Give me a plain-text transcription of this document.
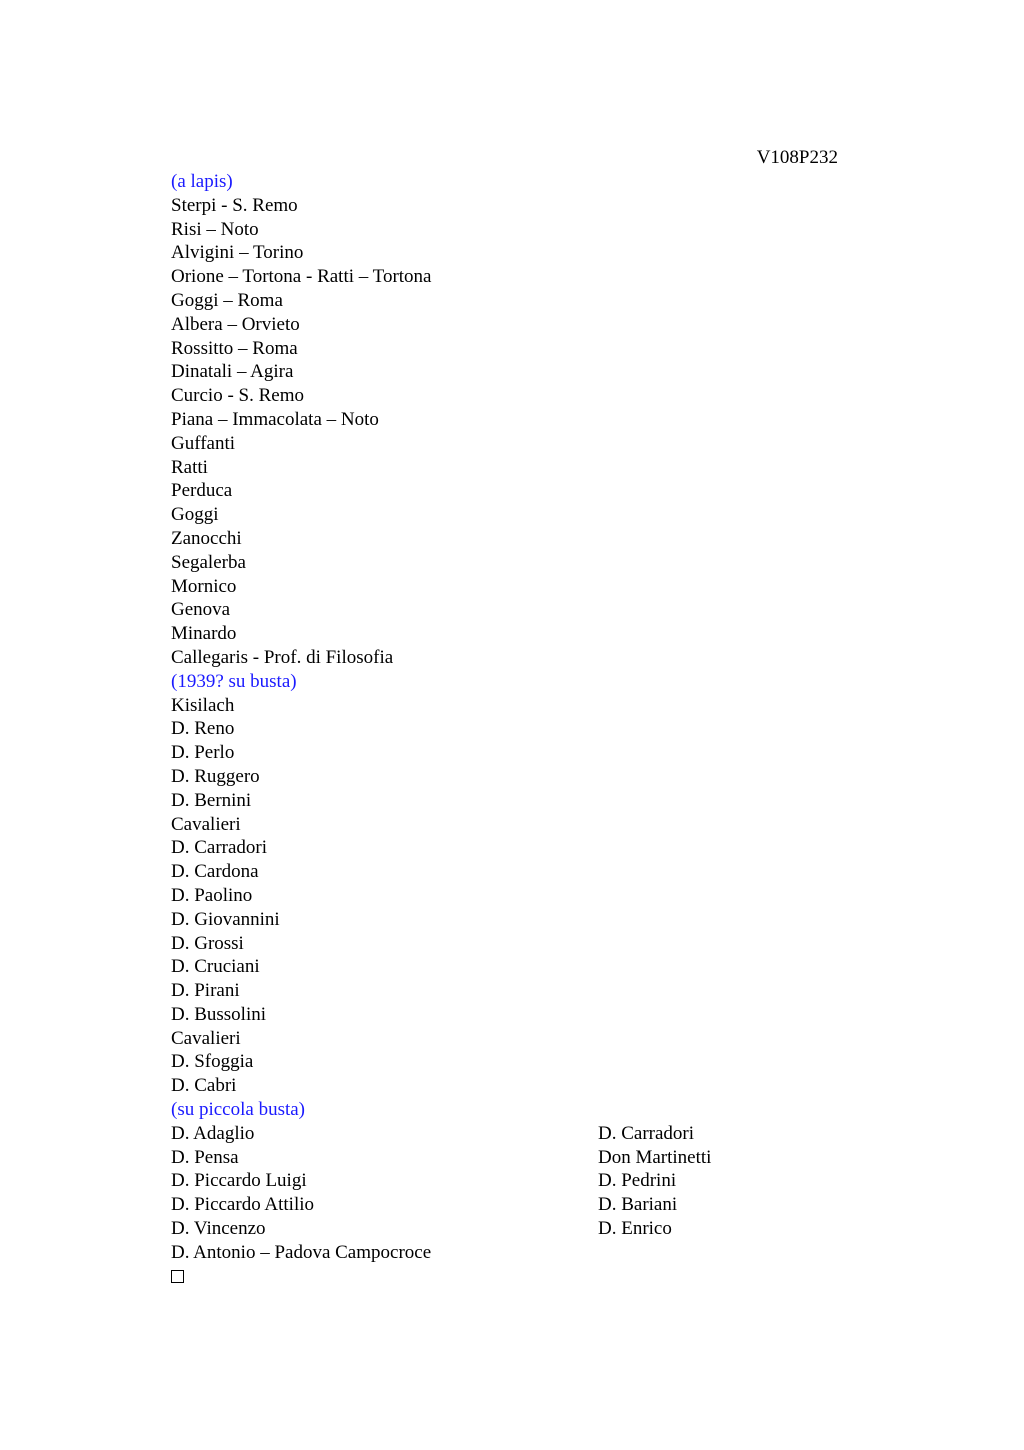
V108P232
(a lapis)
Sterpi - S. Remo
Risi – Noto
Alvigini – Torino
Orione – Tortona - Ratti – Tortona
Goggi – Roma
Albera – Orvieto
Rossitto – Roma
Dinatali – Agira
Curcio - S. Remo
Piana – Immacolata – Noto
Guffanti
Ratti
Perduca
Goggi
Zanocchi
Segalerba
Mornico
Genova
Minardo
Callegaris - Prof. di Filosofia
(1939? su busta)
Kisilach
D. Reno
D. Perlo
D. Ruggero
D. Bernini
Cavalieri
D. Carradori
D. Cardona
D. Paolino
D. Giovannini
D. Grossi
D. Cruciani
D. Pirani
D. Bussolini
Cavalieri
D. Sfoggia
D. Cabri
(su piccola busta)
D. Adaglio
D. Pensa
D. Piccardo Luigi
D. Piccardo Attilio
D. Vincenzo
D. Antonio – Padova Campocroce
D. Carradori
Don Martinetti
D. Pedrini
D. Bariani
D. Enrico
